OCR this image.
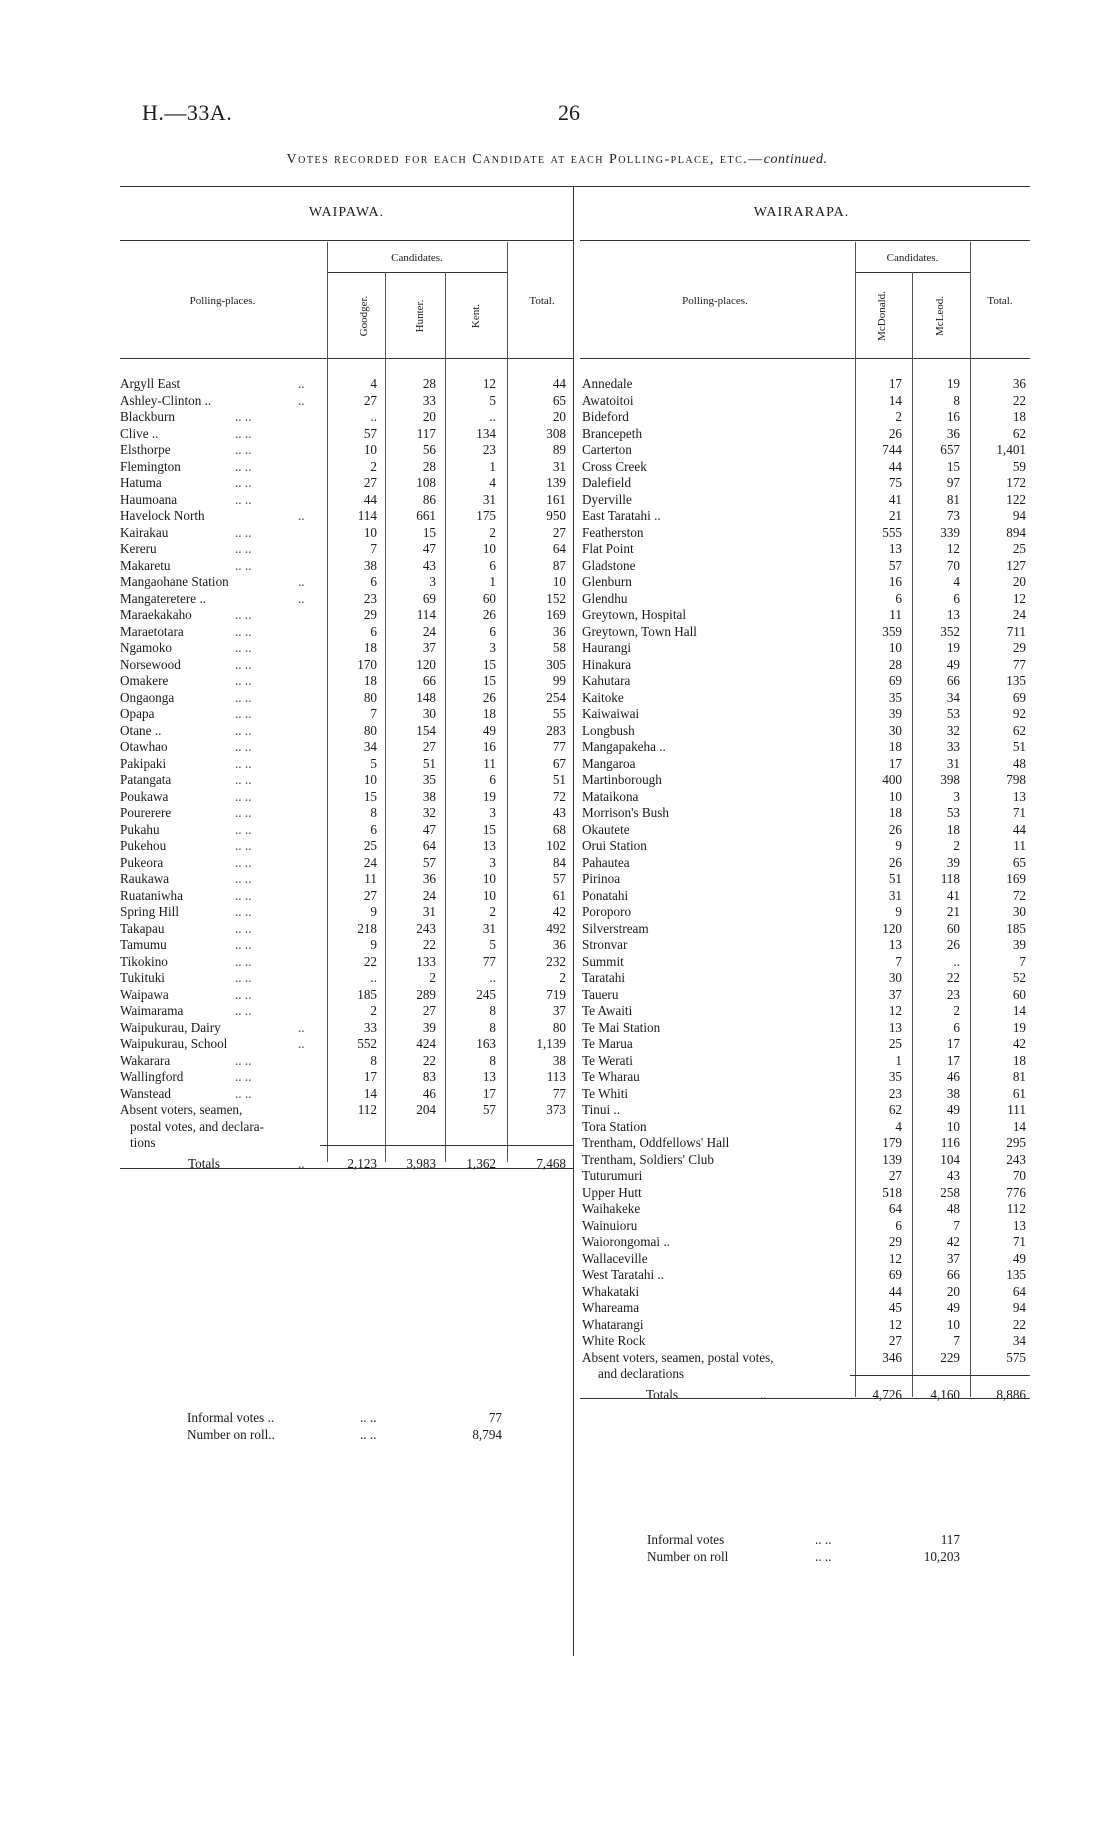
H.—33A.	26
Votes recorded for each Candidate at each Polling-place, etc.—continued.
WAIPAWA.
Candidates.
Polling-places.	Total.
Goodger.	Hunter.	Kent.
Argyll East	..	4	28	12	44
Ashley-Clinton ..	..	27	33	5	65
Blackburn	.. ..	..	20	..	20
Clive ..	.. ..	57	117	134	308
Elsthorpe	.. ..	10	56	23	89
Flemington	.. ..	2	28	1	31
Hatuma	.. ..	27	108	4	139
Haumoana	.. ..	44	86	31	161
Havelock North	..	114	661	175	950
Kairakau	.. ..	10	15	2	27
Kereru	.. ..	7	47	10	64
Makaretu	.. ..	38	43	6	87
Mangaohane Station	..	6	3	1	10
Mangateretere ..	..	23	69	60	152
Maraekakaho	.. ..	29	114	26	169
Maraetotara	.. ..	6	24	6	36
Ngamoko	.. ..	18	37	3	58
Norsewood	.. ..	170	120	15	305
Omakere	.. ..	18	66	15	99
Ongaonga	.. ..	80	148	26	254
Opapa	.. ..	7	30	18	55
Otane ..	.. ..	80	154	49	283
Otawhao	.. ..	34	27	16	77
Pakipaki	.. ..	5	51	11	67
Patangata	.. ..	10	35	6	51
Poukawa	.. ..	15	38	19	72
Pourerere	.. ..	8	32	3	43
Pukahu	.. ..	6	47	15	68
Pukehou	.. ..	25	64	13	102
Pukeora	.. ..	24	57	3	84
Raukawa	.. ..	11	36	10	57
Ruataniwha	.. ..	27	24	10	61
Spring Hill	.. ..	9	31	2	42
Takapau	.. ..	218	243	31	492
Tamumu	.. ..	9	22	5	36
Tikokino	.. ..	22	133	77	232
Tukituki	.. ..	..	2	..	2
Waipawa	.. ..	185	289	245	719
Waimarama	.. ..	2	27	8	37
Waipukurau, Dairy	..	33	39	8	80
Waipukurau, School	..	552	424	163	1,139
Wakarara	.. ..	8	22	8	38
Wallingford	.. ..	17	83	13	113
Wanstead	.. ..	14	46	17	77
Absent voters, seamen,	112	204	57	373
postal votes, and declara-
tions
Totals	..	2,123	3,983	1,362	7,468
Informal votes ..	.. ..	77
Number on roll..	.. ..	8,794
WAIRARAPA.
Candidates.
Polling-places.	Total.
McDonald.	McLeod.
Annedale	17	19	36
Awatoitoi	14	8	22
Bideford	2	16	18
Brancepeth	26	36	62
Carterton	744	657	1,401
Cross Creek	44	15	59
Dalefield	75	97	172
Dyerville	41	81	122
East Taratahi ..	21	73	94
Featherston	555	339	894
Flat Point	13	12	25
Gladstone	57	70	127
Glenburn	16	4	20
Glendhu	6	6	12
Greytown, Hospital	11	13	24
Greytown, Town Hall	359	352	711
Haurangi	10	19	29
Hinakura	28	49	77
Kahutara	69	66	135
Kaitoke	35	34	69
Kaiwaiwai	39	53	92
Longbush	30	32	62
Mangapakeha ..	18	33	51
Mangaroa	17	31	48
Martinborough	400	398	798
Mataikona	10	3	13
Morrison's Bush	18	53	71
Okautete	26	18	44
Orui Station	9	2	11
Pahautea	26	39	65
Pirinoa	51	118	169
Ponatahi	31	41	72
Poroporo	9	21	30
Silverstream	120	60	185
Stronvar	13	26	39
Summit	7	..	7
Taratahi	30	22	52
Taueru	37	23	60
Te Awaiti	12	2	14
Te Mai Station	13	6	19
Te Marua	25	17	42
Te Werati	1	17	18
Te Wharau	35	46	81
Te Whiti	23	38	61
Tinui ..	62	49	111
Tora Station	4	10	14
Trentham, Oddfellows' Hall	179	116	295
Trentham, Soldiers' Club	139	104	243
Tuturumuri	27	43	70
Upper Hutt	518	258	776
Waihakeke	64	48	112
Wainuioru	6	7	13
Waiorongomai ..	29	42	71
Wallaceville	12	37	49
West Taratahi ..	69	66	135
Whakataki	44	20	64
Whareama	45	49	94
Whatarangi	12	10	22
White Rock	27	7	34
Absent voters, seamen, postal votes,	346	229	575
and declarations
Totals	..	4,726	4,160	8,886
Informal votes	.. ..	117
Number on roll	.. ..	10,203
